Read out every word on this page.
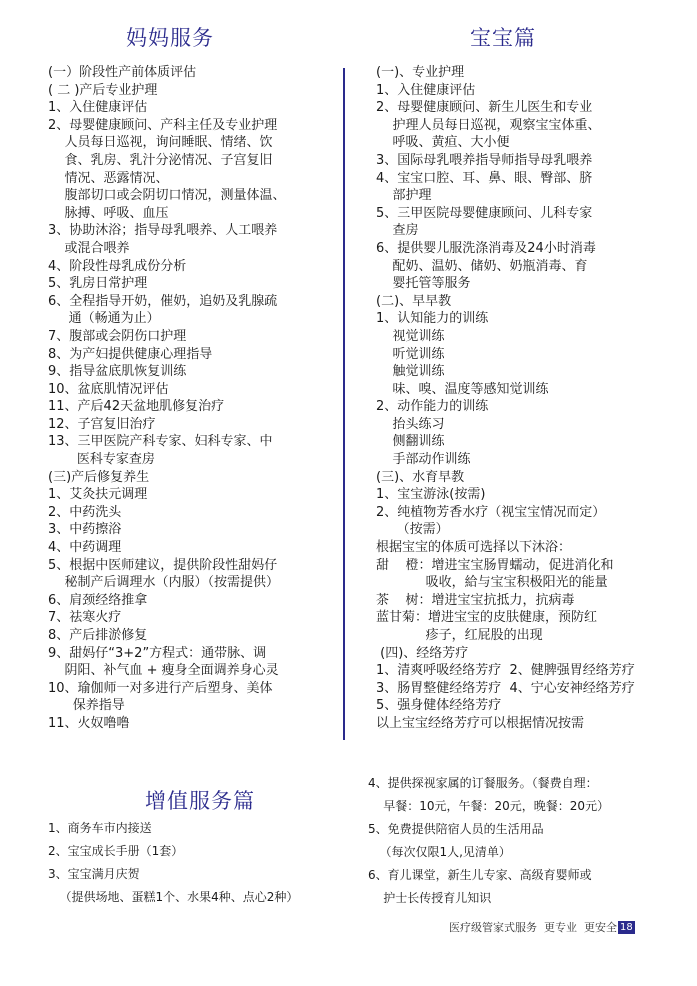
妈妈服务	宝宝篇

(一）阶段性产前体质评估

( 二 )产后专业护理

1、入住健康评估

2、母婴健康顾问、产科主任及专业护理

人员每日巡视，询问睡眠、情绪、饮

食、乳房、乳汁分泌情况、子宫复旧

情况、恶露情况、

腹部切口或会阴切口情况，测量体温、

脉搏、呼吸、血压

3、协助沐浴；指导母乳喂养、人工喂养

或混合喂养

4、阶段性母乳成份分析

5、乳房日常护理

6、全程指导开奶，催奶，追奶及乳腺疏

通（畅通为止）

7、腹部或会阴伤口护理

8、为产妇提供健康心理指导

9、指导盆底肌恢复训练

10、盆底肌情况评估

11、产后42天盆地肌修复治疗

12、子宫复旧治疗

13、三甲医院产科专家、妇科专家、中

医科专家查房

(三)产后修复养生

1、艾灸扶元调理

2、中药洗头

3、中药擦浴

4、中药调理

5、根据中医师建议，提供阶段性甜妈仔

秘制产后调理水（内服）（按需提供）

6、肩颈经络推拿

7、祛寒火疗

8、产后排淤修复

9、甜妈仔“3+2”方程式：通带脉、调

阴阳、补气血 + 瘦身全面调养身心灵

10、瑜伽师一对多进行产后塑身、美体

保养指导

11、火奴噜噜

(一)、专业护理

1、入住健康评估

2、母婴健康顾问、新生儿医生和专业

护理人员每日巡视，观察宝宝体重、

呼吸、黄疸、大小便

3、国际母乳喂养指导师指导母乳喂养

4、宝宝口腔、耳、鼻、眼、臀部、脐

部护理

5、三甲医院母婴健康顾问、儿科专家

查房

6、提供婴儿服洗涤消毒及24小时消毒

配奶、温奶、储奶、奶瓶消毒、育

婴托管等服务

(二)、早早教

1、认知能力的训练

视觉训练

听觉训练

触觉训练

味、嗅、温度等感知觉训练

2、动作能力的训练

抬头练习

侧翻训练

手部动作训练

(三)、水育早教

1、宝宝游泳(按需)

2、纯植物芳香水疗（视宝宝情况而定）

（按需）

根据宝宝的体质可选择以下沐浴：

甜    橙：增进宝宝肠胃蠕动，促进消化和

吸收，給与宝宝积极阳光的能量

茶    树：增进宝宝抗抵力，抗病毒

蓝甘菊：增进宝宝的皮肤健康，预防红

疹子，红屁股的出现

(四)、经络芳疗

1、清爽呼吸经络芳疗  2、健脾强胃经络芳疗

3、肠胃整健经络芳疗  4、宁心安神经络芳疗

5、强身健体经络芳疗

以上宝宝经络芳疗可以根据情况按需

增值服务篇

1、商务车市内接送

2、宝宝成长手册（1套）

3、宝宝满月庆贺

（提供场地、蛋糕1个、水果4种、点心2种）

4、提供探视家属的订餐服务。（餐费自理：

早餐：10元，午餐：20元，晚餐：20元）

5、免费提供陪宿人员的生活用品

（每次仅限1人,见清单）

6、育儿课堂，新生儿专家、高级育婴师或

护士长传授育儿知识

医疗级管家式服务  更专业  更安全 18
